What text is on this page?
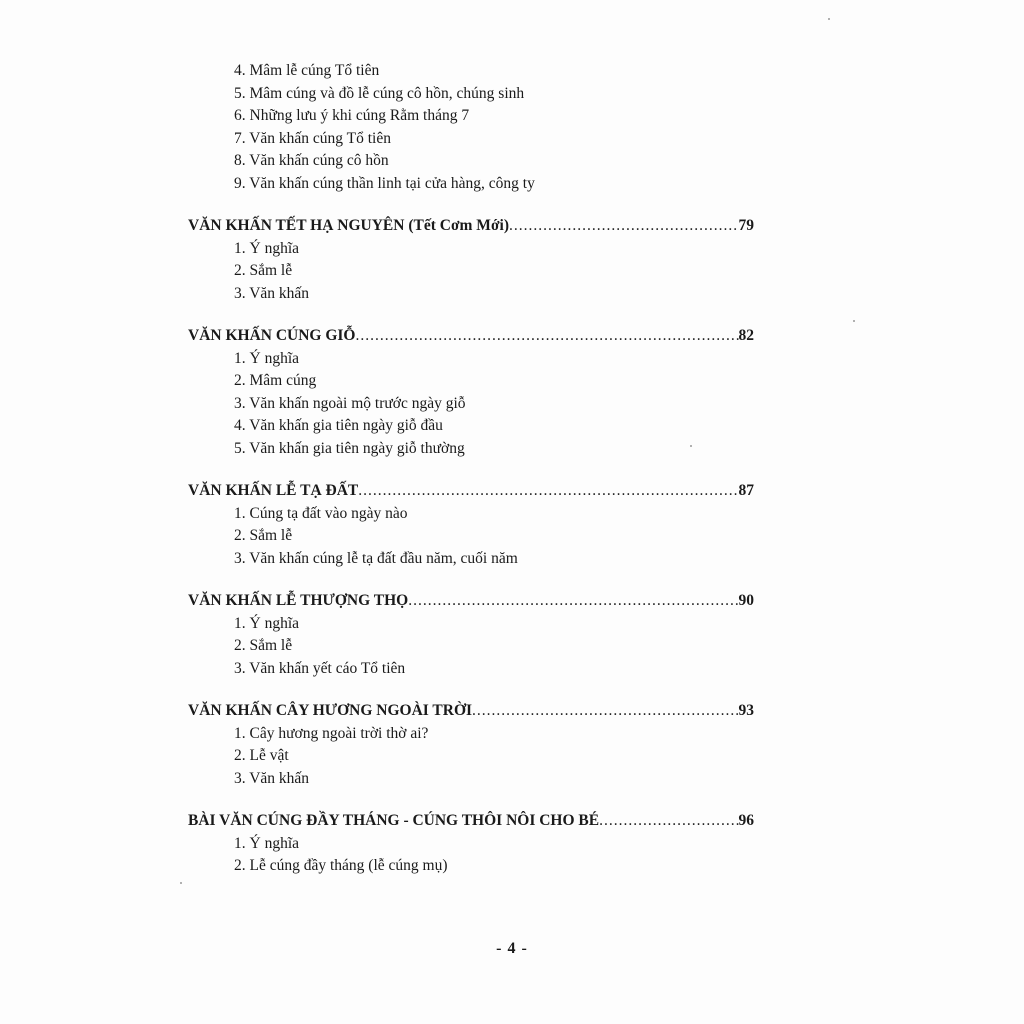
4. Mâm lễ cúng Tổ tiên
5. Mâm cúng và đồ lễ cúng cô hồn, chúng sinh
6. Những lưu ý khi cúng Rằm tháng 7
7. Văn khấn cúng Tổ tiên
8. Văn khấn cúng cô hồn
9. Văn khấn cúng thần linh tại cửa hàng, công ty
VĂN KHẤN TẾT HẠ NGUYÊN (Tết Cơm Mới) .....	79
1. Ý nghĩa
2. Sắm lễ
3. Văn khấn
VĂN KHẤN CÚNG GIỖ .....	82
1. Ý nghĩa
2. Mâm cúng
3. Văn khấn ngoài mộ trước ngày giỗ
4. Văn khấn gia tiên ngày giỗ đầu
5. Văn khấn gia tiên ngày giỗ thường
VĂN KHẤN LỄ TẠ ĐẤT .....	87
1. Cúng tạ đất vào ngày nào
2. Sắm lễ
3. Văn khấn cúng lễ tạ đất đầu năm, cuối năm
VĂN KHẤN LỄ THƯỢNG THỌ .....	90
1. Ý nghĩa
2. Sắm lễ
3. Văn khấn yết cáo Tổ tiên
VĂN KHẤN CÂY HƯƠNG NGOÀI TRỜI .....	93
1. Cây hương ngoài trời thờ ai?
2. Lễ vật
3. Văn khấn
BÀI VĂN CÚNG ĐẦY THÁNG - CÚNG THÔI NÔI CHO BÉ .....	96
1. Ý nghĩa
2. Lễ cúng đầy tháng (lễ cúng mụ)
- 4 -
